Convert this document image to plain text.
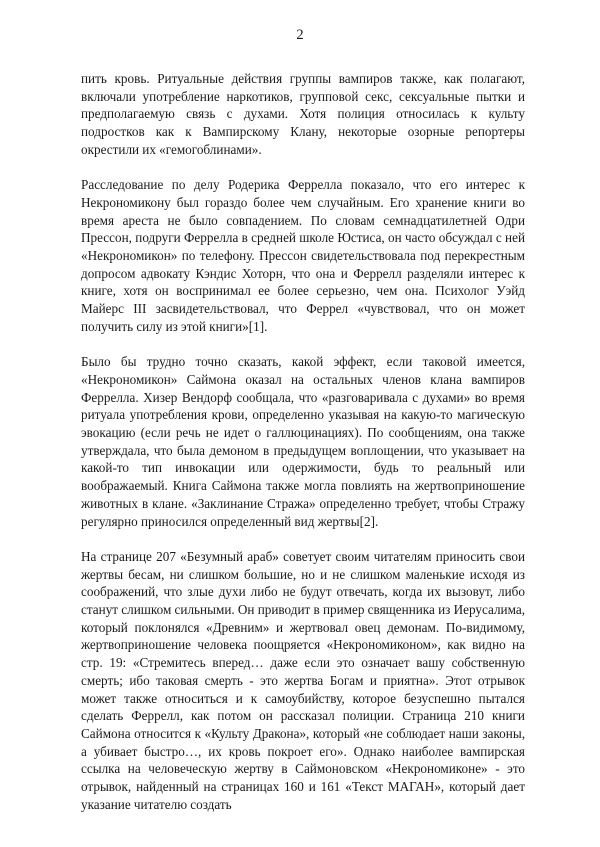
2

пить кровь. Ритуальные действия группы вампиров также, как полагают, включали употребление наркотиков, групповой секс, сексуальные пытки и предполагаемую связь с духами. Хотя полиция относилась к культу подростков как к Вампирскому Клану, некоторые озорные репортеры окрестили их «гемогоблинами».

Расследование по делу Родерика Феррелла показало, что его интерес к Некрономикону был гораздо более чем случайным. Его хранение книги во время ареста не было совпадением. По словам семнадцатилетней Одри Прессон, подруги Феррелла в средней школе Юстиса, он часто обсуждал с ней «Некрономикон» по телефону. Прессон свидетельствовала под перекрестным допросом адвокату Кэндис Хоторн, что она и Феррелл разделяли интерес к книге, хотя он воспринимал ее более серьезно, чем она. Психолог Уэйд Майерс III засвидетельствовал, что Феррел «чувствовал, что он может получить силу из этой книги»[1].

Было бы трудно точно сказать, какой эффект, если таковой имеется, «Некрономикон» Саймона оказал на остальных членов клана вампиров Феррелла. Хизер Вендорф сообщала, что «разговаривала с духами» во время ритуала употребления крови, определенно указывая на какую-то магическую эвокацию (если речь не идет о галлюцинациях). По сообщениям, она также утверждала, что была демоном в предыдущем воплощении, что указывает на какой-то тип инвокации или одержимости, будь то реальный или воображаемый. Книга Саймона также могла повлиять на жертвоприношение животных в клане. «Заклинание Стража» определенно требует, чтобы Стражу регулярно приносился определенный вид жертвы[2].

На странице 207 «Безумный араб» советует своим читателям приносить свои жертвы бесам, ни слишком большие, но и не слишком маленькие исходя из соображений, что злые духи либо не будут отвечать, когда их вызовут, либо станут слишком сильными. Он приводит в пример священника из Иерусалима, который поклонялся «Древним» и жертвовал овец демонам. По-видимому, жертвоприношение человека поощряется «Некрономиконом», как видно на стр. 19: «Стремитесь вперед… даже если это означает вашу собственную смерть; ибо таковая смерть - это жертва Богам и приятна». Этот отрывок может также относиться и к самоубийству, которое безуспешно пытался сделать Феррелл, как потом он рассказал полиции. Страница 210 книги Саймона относится к «Культу Дракона», который «не соблюдает наши законы, а убивает быстро…, их кровь покроет его». Однако наиболее вампирская ссылка на человеческую жертву в Саймоновском «Некрономиконе» - это отрывок, найденный на страницах 160 и 161 «Текст МАГАН», который дает указание читателю создать
